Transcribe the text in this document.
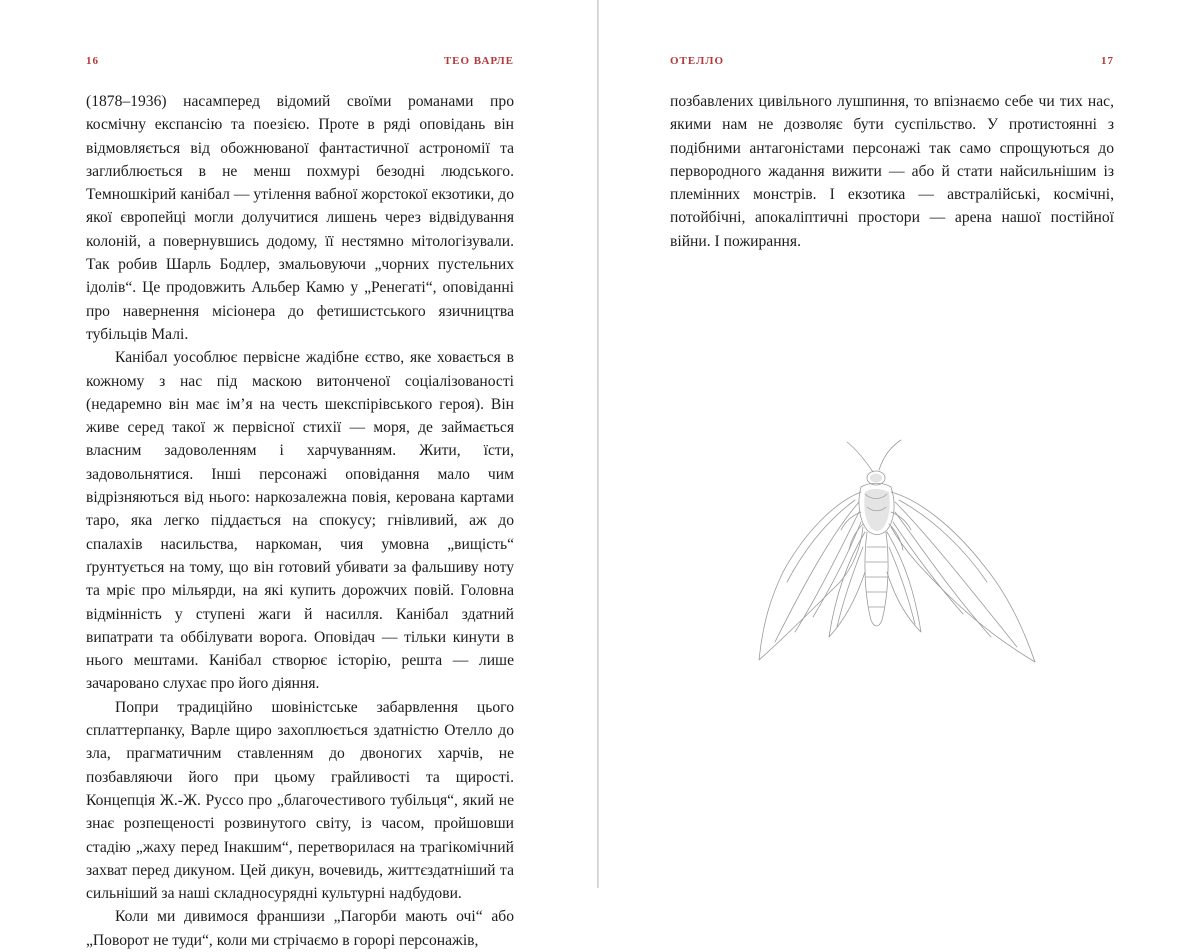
16	ТЕО ВАРЛЕ

(1878–1936) насамперед відомий своїми романами про космічну експансію та поезією. Проте в ряді оповідань він відмовляється від обожнюваної фантастичної астрономії та заглиблюється в не менш похмурі безодні людського. Темношкірий канібал — утілення вабної жорстокої екзотики, до якої європейці могли долучитися лишень через відвідування колоній, а повернувшись додому, її нестямно мітологізували. Так робив Шарль Бодлер, змальовуючи „чорних пустельних ідолів“. Це продовжить Альбер Камю у „Ренегаті“, оповіданні про навернення місіонера до фетишистського язичництва тубільців Малі.

Канібал уособлює первісне жадібне єство, яке ховається в кожному з нас під маскою витонченої соціалізованості (недаремно він має ім’я на честь шекспірівського героя). Він живе серед такої ж первісної стихії — моря, де займається власним задоволенням і харчуванням. Жити, їсти, задовольнятися. Інші персонажі оповідання мало чим відрізняються від нього: наркозалежна повія, керована картами таро, яка легко піддається на спокусу; гнівливий, аж до спалахів насильства, наркоман, чия умовна „вищість“ ґрунтується на тому, що він готовий убивати за фальшиву ноту та мріє про мільярди, на які купить дорожчих повій. Головна відмінність у ступені жаги й насилля. Канібал здатний випатрати та оббілувати ворога. Оповідач — тільки кинути в нього мештами. Канібал створює історію, решта — лише зачаровано слухає про його діяння.

Попри традиційно шовіністське забарвлення цього сплаттерпанку, Варле щиро захоплюється здатністю Отелло до зла, прагматичним ставленням до двоногих харчів, не позбавляючи його при цьому грайливості та щирості. Концепція Ж.-Ж. Руссо про „благочестивого тубільця“, який не знає розпещеності розвинутого світу, із часом, пройшовши стадію „жаху перед Інакшим“, перетворилася на трагікомічний захват перед дикуном. Цей дикун, вочевидь, життєздатніший та сильніший за наші складносурядні культурні надбудови.

Коли ми дивимося франшизи „Пагорби мають очі“ або „Поворот не туди“, коли ми стрічаємо в горорі персонажів,

ОТЕЛЛО	17

позбавлених цивільного лушпиння, то впізнаємо себе чи тих нас, якими нам не дозволяє бути суспільство. У протистоянні з подібними антагоністами персонажі так само спрощуються до первородного жадання вижити — або й стати найсильнішим із племінних монстрів. І екзотика — австралійські, космічні, потойбічні, апокаліптичні простори — арена нашої постійної війни. І пожирання.
